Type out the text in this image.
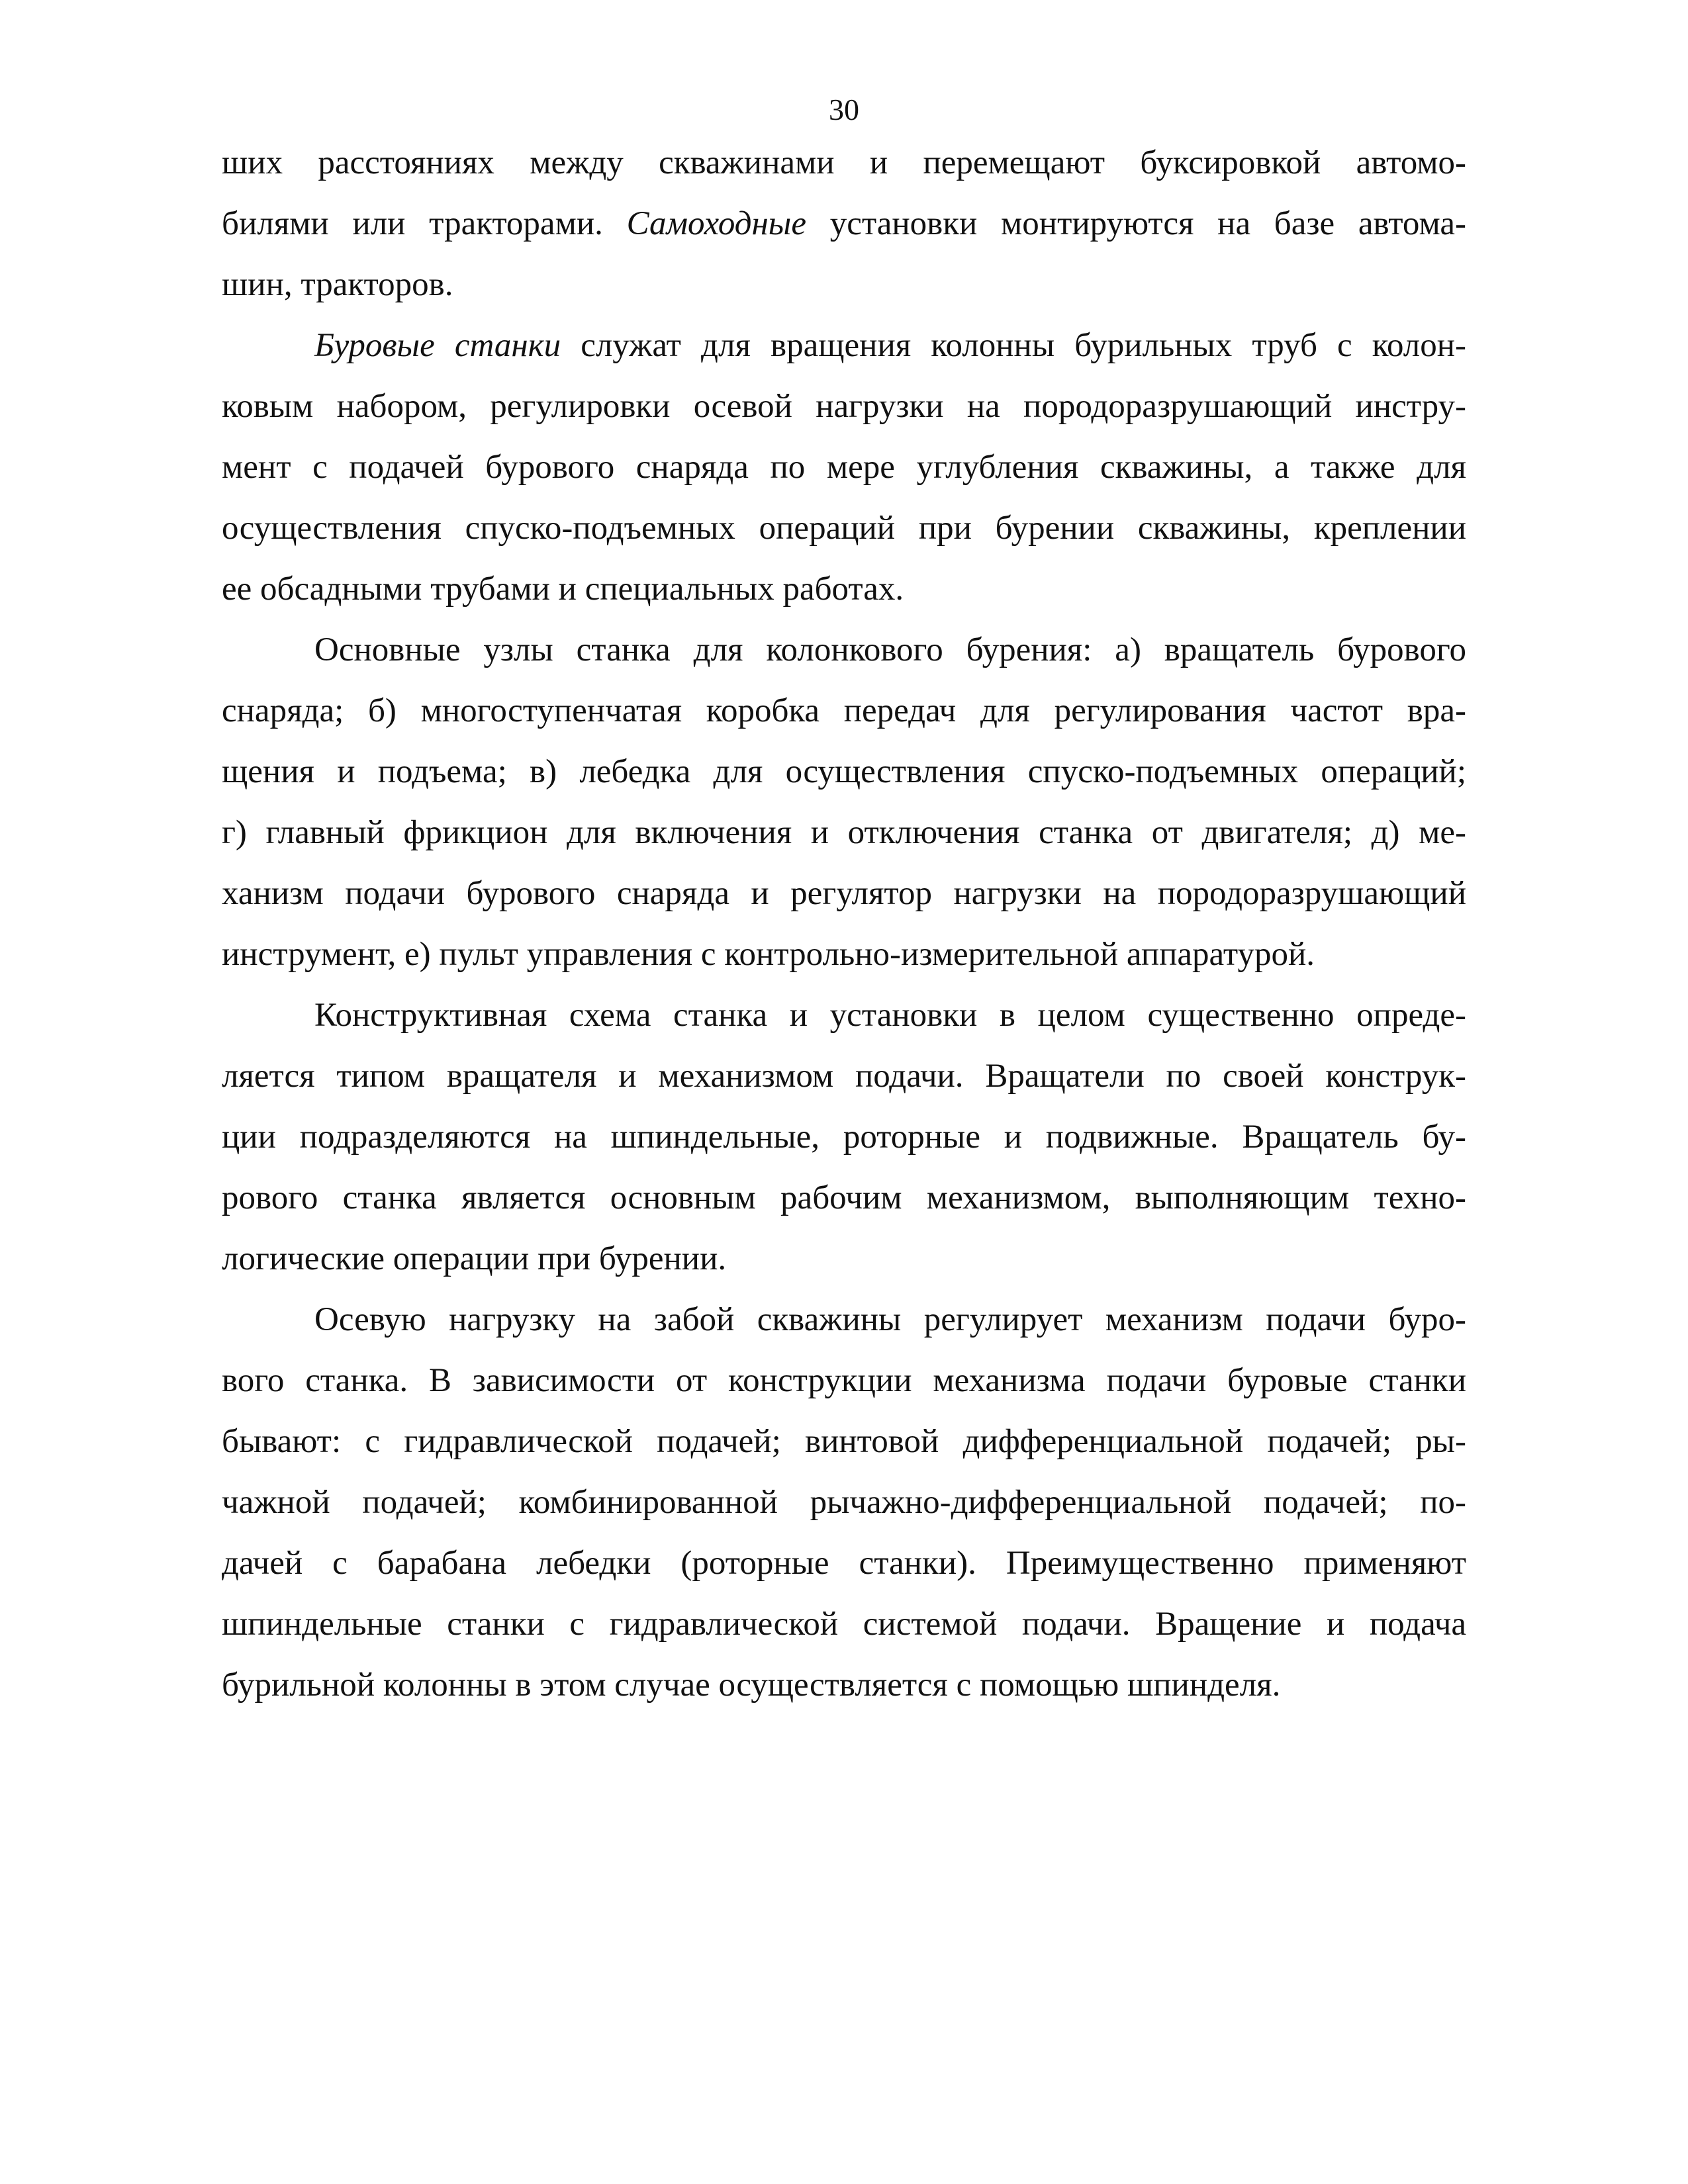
30
ших расстояниях между скважинами и перемещают буксировкой автомо-
билями или тракторами. Самоходные установки монтируются на базе автома-
шин, тракторов.
Буровые станки служат для вращения колонны бурильных труб с колон-
ковым набором, регулировки осевой нагрузки на породоразрушающий инстру-
мент с подачей бурового снаряда по мере углубления скважины, а также для
осуществления спуско-подъемных операций при бурении скважины, креплении
ее обсадными трубами и специальных работах.
Основные узлы станка для колонкового бурения: а) вращатель бурового
снаряда; б) многоступенчатая коробка передач для регулирования частот вра-
щения и подъема; в) лебедка для осуществления спуско-подъемных операций;
г) главный фрикцион для включения и отключения станка от двигателя; д) ме-
ханизм подачи бурового снаряда и регулятор нагрузки на породоразрушающий
инструмент, е) пульт управления с контрольно-измерительной аппаратурой.
Конструктивная схема станка и установки в целом существенно опреде-
ляется типом вращателя и механизмом подачи. Вращатели по своей конструк-
ции подразделяются на шпиндельные, роторные и подвижные. Вращатель бу-
рового станка является основным рабочим механизмом, выполняющим техно-
логические операции при бурении.
Осевую нагрузку на забой скважины регулирует механизм подачи буро-
вого станка. В зависимости от конструкции механизма подачи буровые станки
бывают: с гидравлической подачей; винтовой дифференциальной подачей; ры-
чажной подачей; комбинированной рычажно-дифференциальной подачей; по-
дачей с барабана лебедки (роторные станки). Преимущественно применяют
шпиндельные станки с гидравлической системой подачи. Вращение и подача
бурильной колонны в этом случае осуществляется с помощью шпинделя.
